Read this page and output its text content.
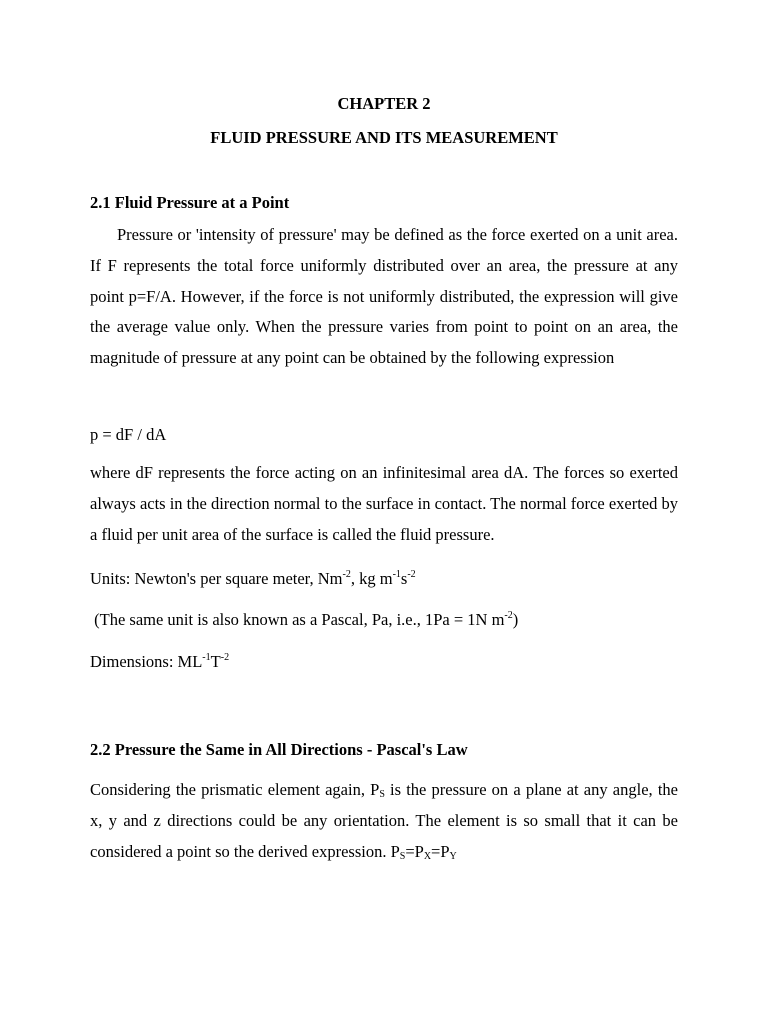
CHAPTER 2

FLUID PRESSURE AND ITS MEASUREMENT

2.1 Fluid Pressure at a Point

Pressure or 'intensity of pressure' may be defined as the force exerted on a unit area. If F represents the total force uniformly distributed over an area, the pressure at any point p=F/A. However, if the force is not uniformly distributed, the expression will give the average value only. When the pressure varies from point to point on an area, the magnitude of pressure at any point can be obtained by the following expression

p = dF / dA

where dF represents the force acting on an infinitesimal area dA. The forces so exerted always acts in the direction normal to the surface in contact. The normal force exerted by a fluid per unit area of the surface is called the fluid pressure.

Units: Newton's per square meter, $Nm^{-2}$, kg $m^{-1}s^{-2}$

(The same unit is also known as a Pascal, Pa, i.e., 1Pa = 1N $m^{-2}$)

Dimensions: $ML^{-1}T^{-2}$

2.2 Pressure the Same in All Directions - Pascal's Law

Considering the prismatic element again, $P_S$ is the pressure on a plane at any angle, the x, y and z directions could be any orientation. The element is so small that it can be considered a point so the derived expression. $P_S=P_X=P_Y$
